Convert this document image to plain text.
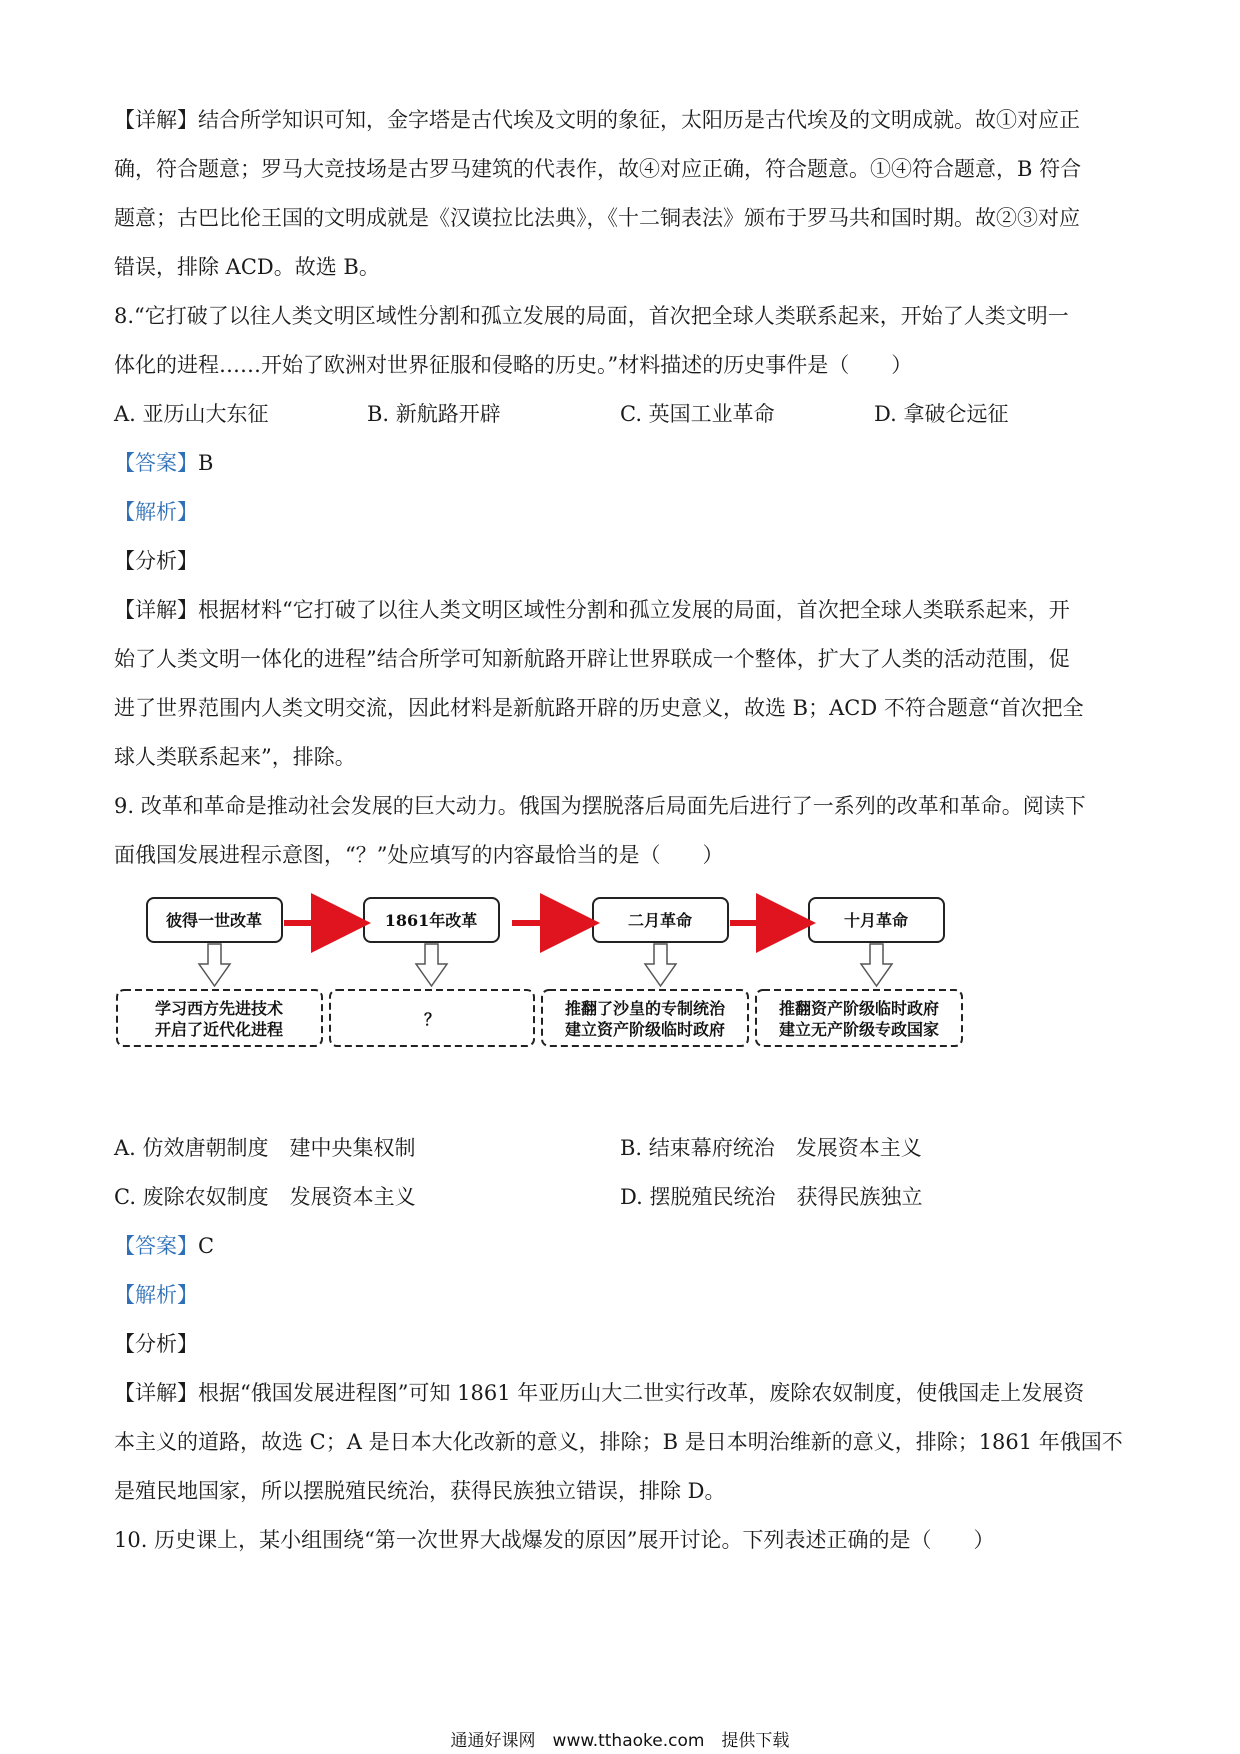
【详解】结合所学知识可知，金字塔是古代埃及文明的象征，太阳历是古代埃及的文明成就。故①对应正
确，符合题意；罗马大竞技场是古罗马建筑的代表作，故④对应正确，符合题意。①④符合题意，B 符合
题意；古巴比伦王国的文明成就是《汉谟拉比法典》，《十二铜表法》颁布于罗马共和国时期。故②③对应
错误，排除 ACD。故选 B。
8.“它打破了以往人类文明区域性分割和孤立发展的局面，首次把全球人类联系起来，开始了人类文明一
体化的进程……开始了欧洲对世界征服和侵略的历史。”材料描述的历史事件是（　　）
A. 亚历山大东征	B. 新航路开辟	C. 英国工业革命	D. 拿破仑远征
【答案】B
【解析】
【分析】
【详解】根据材料“它打破了以往人类文明区域性分割和孤立发展的局面，首次把全球人类联系起来，开
始了人类文明一体化的进程”结合所学可知新航路开辟让世界联成一个整体，扩大了人类的活动范围，促
进了世界范围内人类文明交流，因此材料是新航路开辟的历史意义，故选 B；ACD 不符合题意“首次把全
球人类联系起来”，排除。
9. 改革和革命是推动社会发展的巨大动力。俄国为摆脱落后局面先后进行了一系列的改革和革命。阅读下
面俄国发展进程示意图，“？”处应填写的内容最恰当的是（　　）
彼得一世改革	1861年改革	二月革命	十月革命
学习西方先进技术
开启了近代化进程
？
推翻了沙皇的专制统治
建立资产阶级临时政府
推翻资产阶级临时政府
建立无产阶级专政国家
A. 仿效唐朝制度　建中央集权制	B. 结束幕府统治　发展资本主义
C. 废除农奴制度　发展资本主义	D. 摆脱殖民统治　获得民族独立
【答案】C
【解析】
【分析】
【详解】根据“俄国发展进程图”可知 1861 年亚历山大二世实行改革，废除农奴制度，使俄国走上发展资
本主义的道路，故选 C；A 是日本大化改新的意义，排除；B 是日本明治维新的意义，排除；1861 年俄国不
是殖民地国家，所以摆脱殖民统治，获得民族独立错误，排除 D。
10. 历史课上，某小组围绕“第一次世界大战爆发的原因”展开讨论。下列表述正确的是（　　）
通通好课网　www.tthaoke.com　提供下载
